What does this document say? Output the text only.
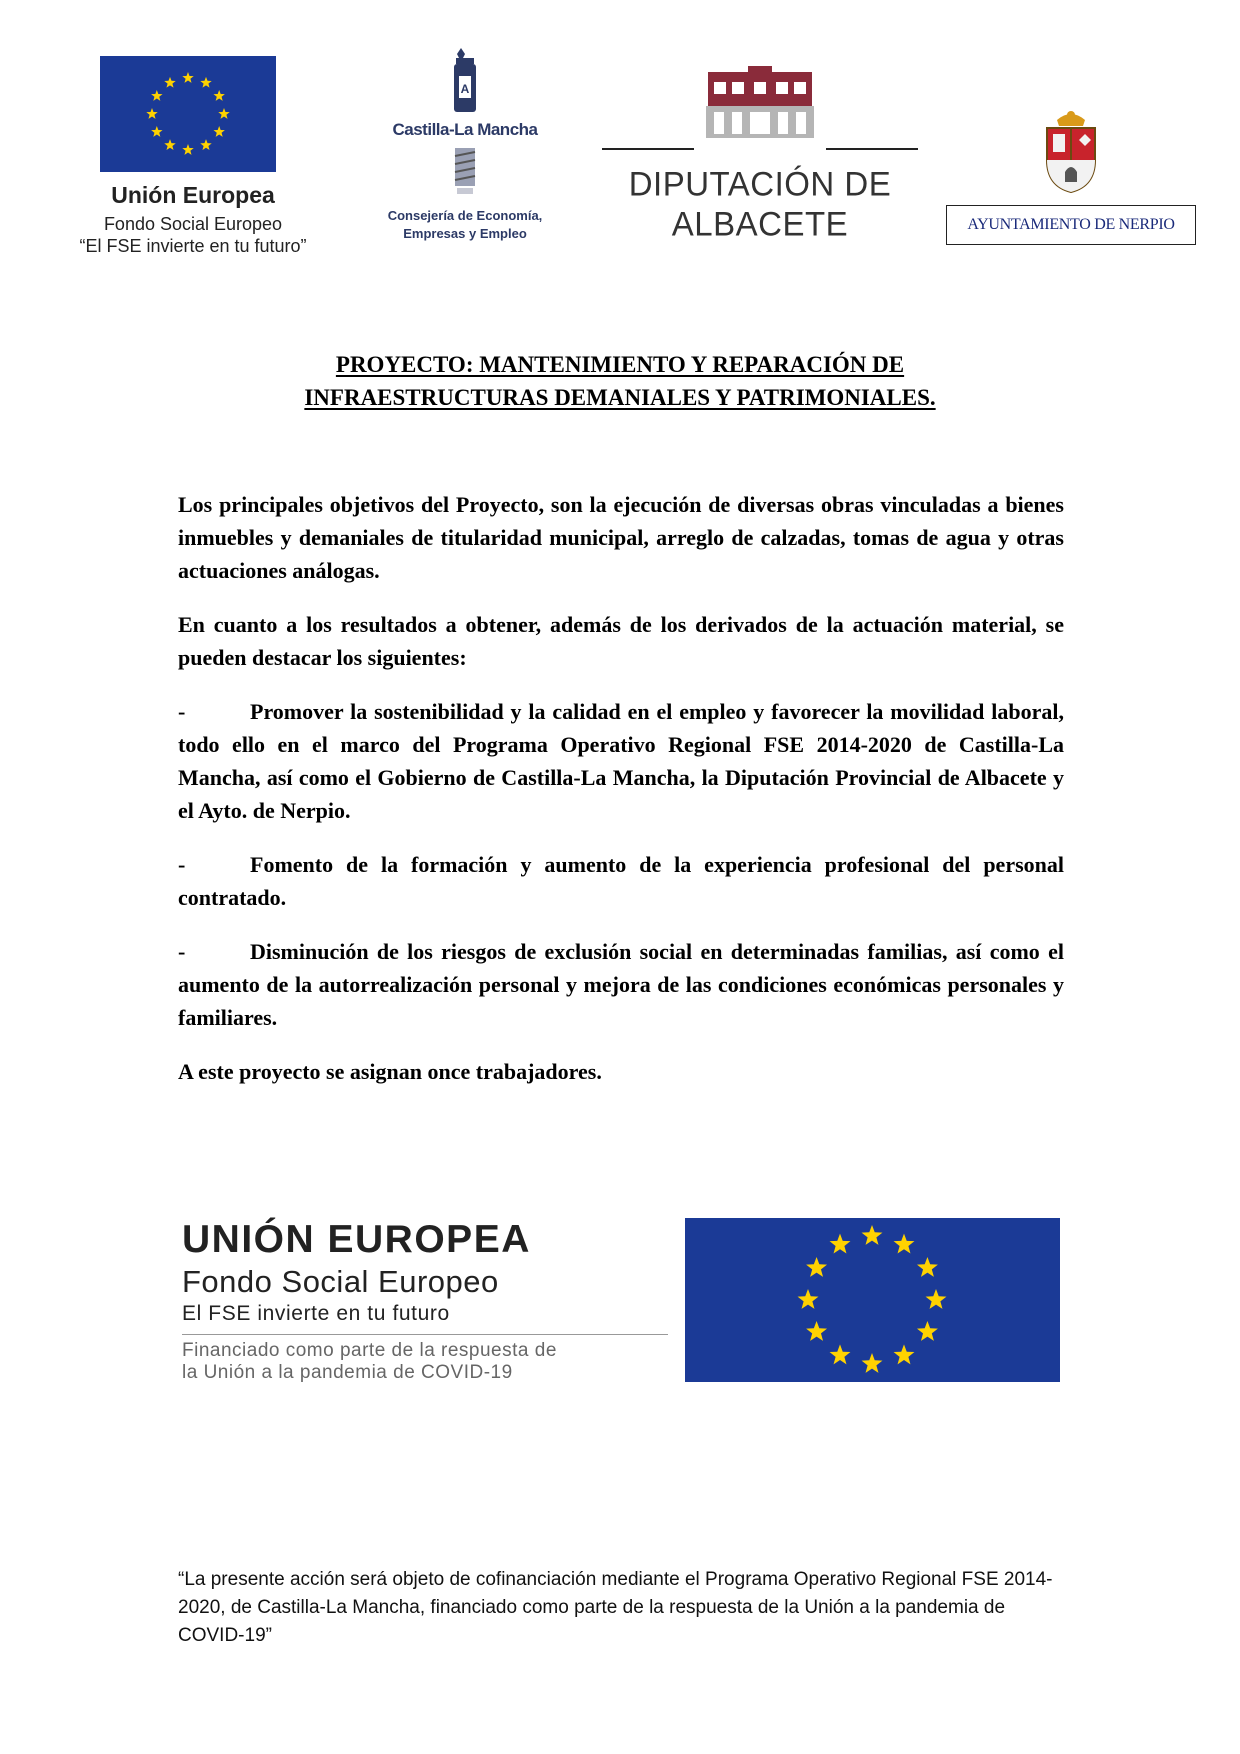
Unión Europea
Fondo Social Europeo
“El FSE invierte en tu futuro”
A
Castilla-La Mancha
Consejería de Economía,
Empresas y Empleo
DIPUTACIÓN DE ALBACETE	AYUNTAMIENTO DE NERPIO
PROYECTO: MANTENIMIENTO Y REPARACIÓN DE
INFRAESTRUCTURAS DEMANIALES Y PATRIMONIALES.

Los principales objetivos del Proyecto, son la ejecución de diversas obras vinculadas a bienes inmuebles y demaniales de titularidad municipal, arreglo de calzadas, tomas de agua y otras actuaciones análogas.

En cuanto a los resultados a obtener, además de los derivados de la actuación material, se pueden destacar los siguientes:

-	Promover la sostenibilidad y la calidad en el empleo y favorecer la movilidad laboral, todo ello en el marco del Programa Operativo Regional FSE 2014-2020 de Castilla-La Mancha, así como el Gobierno de Castilla-La Mancha, la Diputación Provincial de Albacete y el Ayto. de Nerpio.

-	Fomento de la formación y aumento de la experiencia profesional del personal contratado.

-	Disminución de los riesgos de exclusión social en determinadas familias, así como el aumento de la autorrealización personal y mejora de las condiciones económicas personales y familiares.

A este proyecto se asignan once trabajadores.

UNIÓN EUROPEA
Fondo Social Europeo
El FSE invierte en tu futuro
Financiado como parte de la respuesta de
la Unión a la pandemia de COVID-19
“La presente acción será objeto de cofinanciación mediante el Programa Operativo Regional FSE 2014-2020, de Castilla-La Mancha, financiado como parte de la respuesta de la Unión a la pandemia de COVID-19”
